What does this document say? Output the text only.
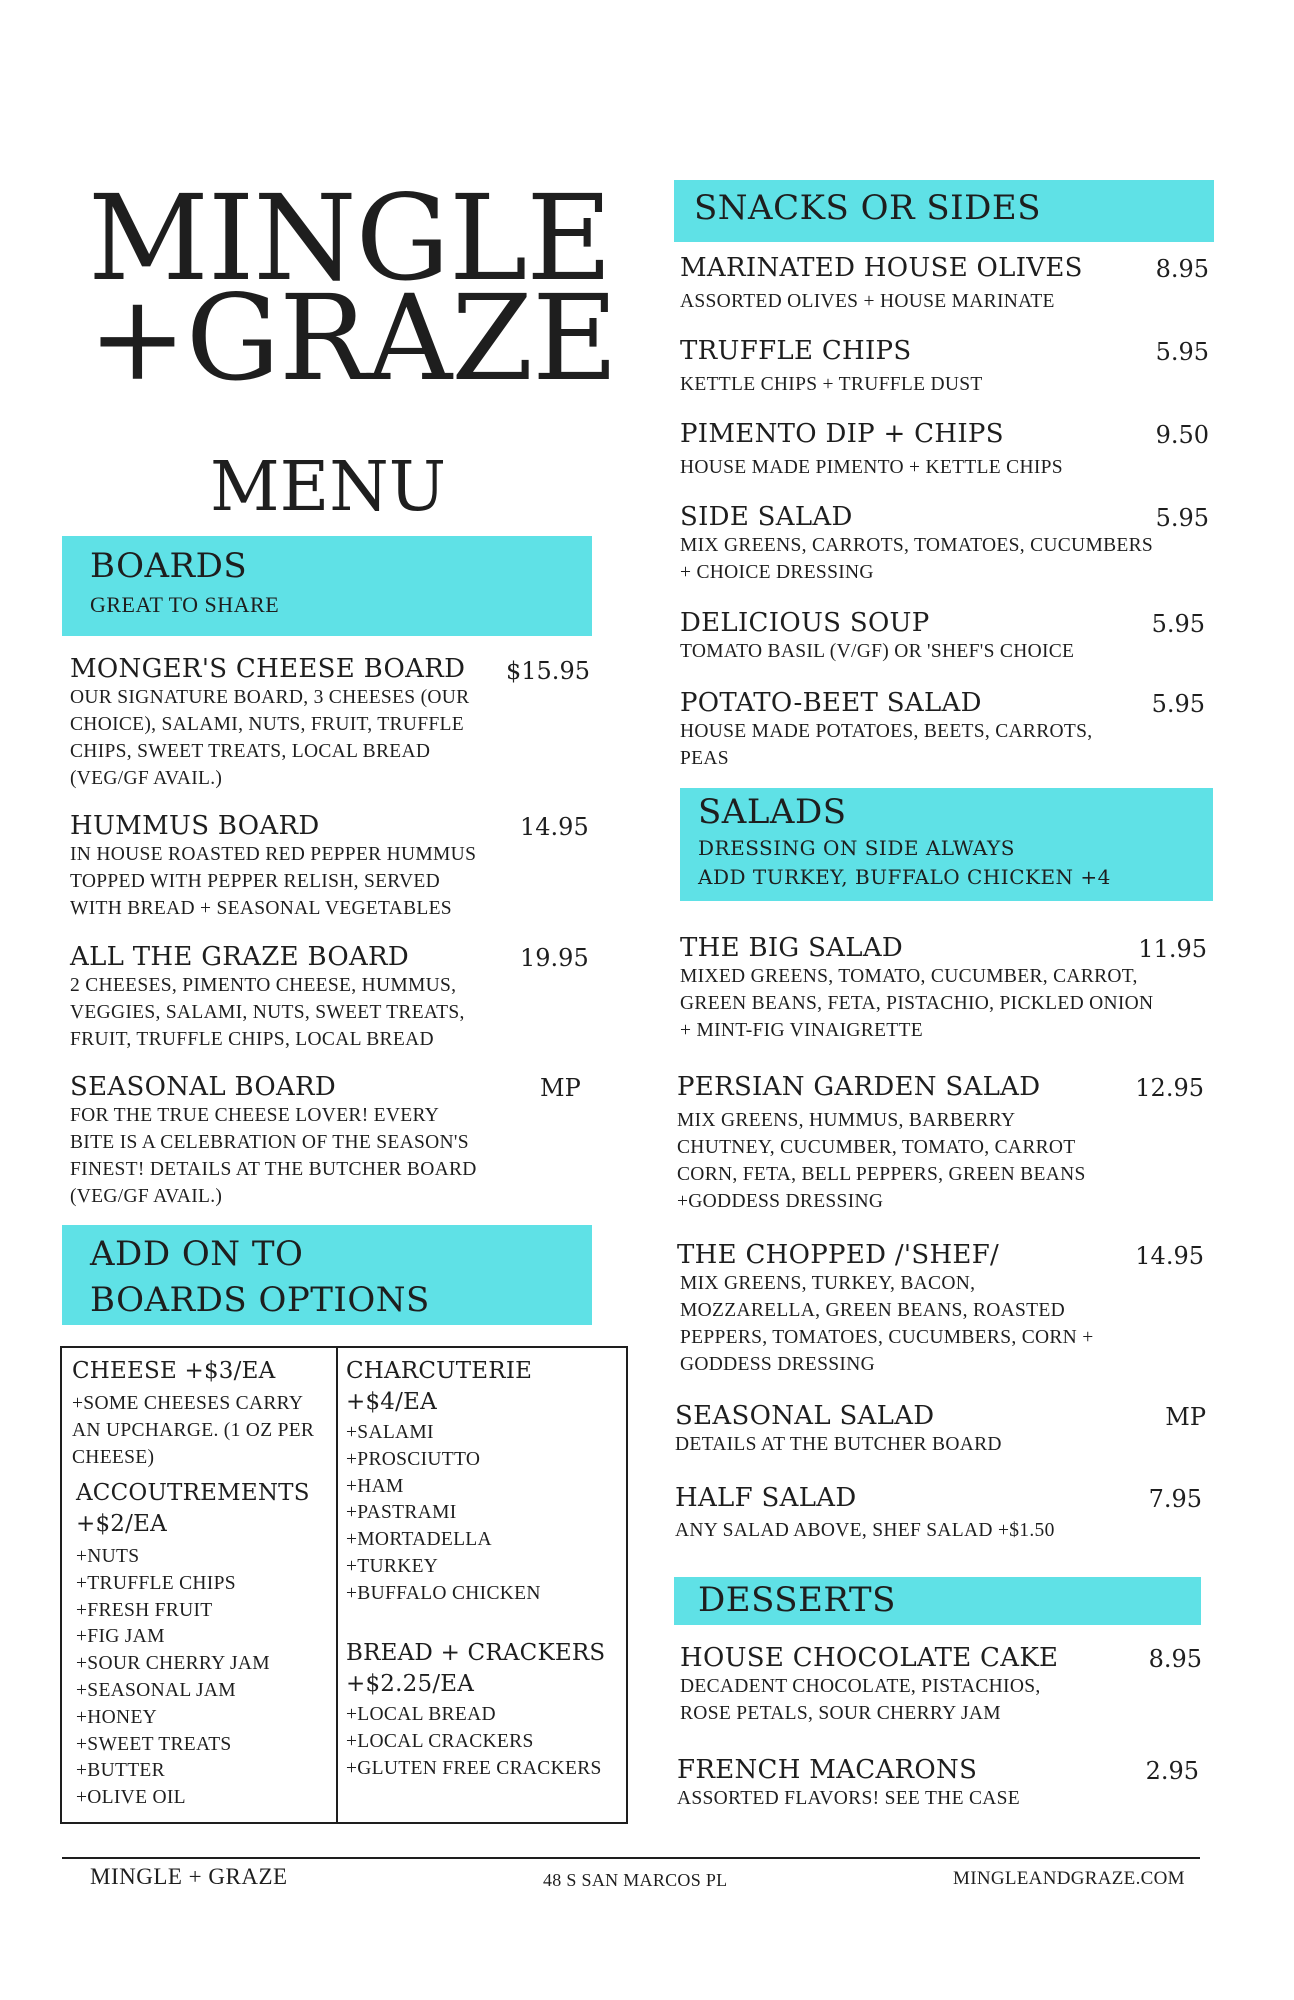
MINGLE
+GRAZE
MENU
BOARDS
GREAT TO SHARE
MONGER'S CHEESE BOARD	$15.95
OUR SIGNATURE BOARD, 3 CHEESES (OUR
CHOICE), SALAMI, NUTS, FRUIT, TRUFFLE
CHIPS, SWEET TREATS, LOCAL BREAD
(VEG/GF AVAIL.)
HUMMUS BOARD	14.95
IN HOUSE ROASTED RED PEPPER HUMMUS
TOPPED WITH PEPPER RELISH, SERVED
WITH BREAD + SEASONAL VEGETABLES
ALL THE GRAZE BOARD	19.95
2 CHEESES, PIMENTO CHEESE, HUMMUS,
VEGGIES, SALAMI, NUTS, SWEET TREATS,
FRUIT, TRUFFLE CHIPS, LOCAL BREAD
SEASONAL BOARD	MP
FOR THE TRUE CHEESE LOVER! EVERY
BITE IS A CELEBRATION OF THE SEASON'S
FINEST! DETAILS AT THE BUTCHER BOARD
(VEG/GF AVAIL.)
ADD ON TO
BOARDS OPTIONS
CHEESE +$3/EA
+SOME CHEESES CARRY
AN UPCHARGE. (1 OZ PER
CHEESE)
ACCOUTREMENTS
+$2/EA
+NUTS
+TRUFFLE CHIPS
+FRESH FRUIT
+FIG JAM
+SOUR CHERRY JAM
+SEASONAL JAM
+HONEY
+SWEET TREATS
+BUTTER
+OLIVE OIL
CHARCUTERIE
+$4/EA
+SALAMI
+PROSCIUTTO
+HAM
+PASTRAMI
+MORTADELLA
+TURKEY
+BUFFALO CHICKEN
BREAD + CRACKERS
+$2.25/EA
+LOCAL BREAD
+LOCAL CRACKERS
+GLUTEN FREE CRACKERS
SNACKS OR SIDES
MARINATED HOUSE OLIVES	8.95
ASSORTED OLIVES + HOUSE MARINATE
TRUFFLE CHIPS	5.95
KETTLE CHIPS + TRUFFLE DUST
PIMENTO DIP + CHIPS	9.50
HOUSE MADE PIMENTO + KETTLE CHIPS
SIDE SALAD	5.95
MIX GREENS, CARROTS, TOMATOES, CUCUMBERS
+ CHOICE DRESSING
DELICIOUS SOUP	5.95
TOMATO BASIL (V/GF) OR 'SHEF'S CHOICE
POTATO-BEET SALAD	5.95
HOUSE MADE POTATOES, BEETS, CARROTS,
PEAS
SALADS
DRESSING ON SIDE ALWAYS
ADD TURKEY, BUFFALO CHICKEN +4
THE BIG SALAD	11.95
MIXED GREENS, TOMATO, CUCUMBER, CARROT,
GREEN BEANS, FETA, PISTACHIO, PICKLED ONION
+ MINT-FIG VINAIGRETTE
PERSIAN GARDEN SALAD	12.95
MIX GREENS, HUMMUS, BARBERRY
CHUTNEY, CUCUMBER, TOMATO, CARROT
CORN, FETA, BELL PEPPERS, GREEN BEANS
+GODDESS DRESSING
THE CHOPPED /'SHEF/	14.95
MIX GREENS, TURKEY, BACON,
MOZZARELLA, GREEN BEANS, ROASTED
PEPPERS, TOMATOES, CUCUMBERS, CORN +
GODDESS DRESSING
SEASONAL SALAD	MP
DETAILS AT THE BUTCHER BOARD
HALF SALAD	7.95
ANY SALAD ABOVE, SHEF SALAD +$1.50
DESSERTS
HOUSE CHOCOLATE CAKE	8.95
DECADENT CHOCOLATE, PISTACHIOS,
ROSE PETALS, SOUR CHERRY JAM
FRENCH MACARONS	2.95
ASSORTED FLAVORS! SEE THE CASE
MINGLE + GRAZE	48 S SAN MARCOS PL	MINGLEANDGRAZE.COM
